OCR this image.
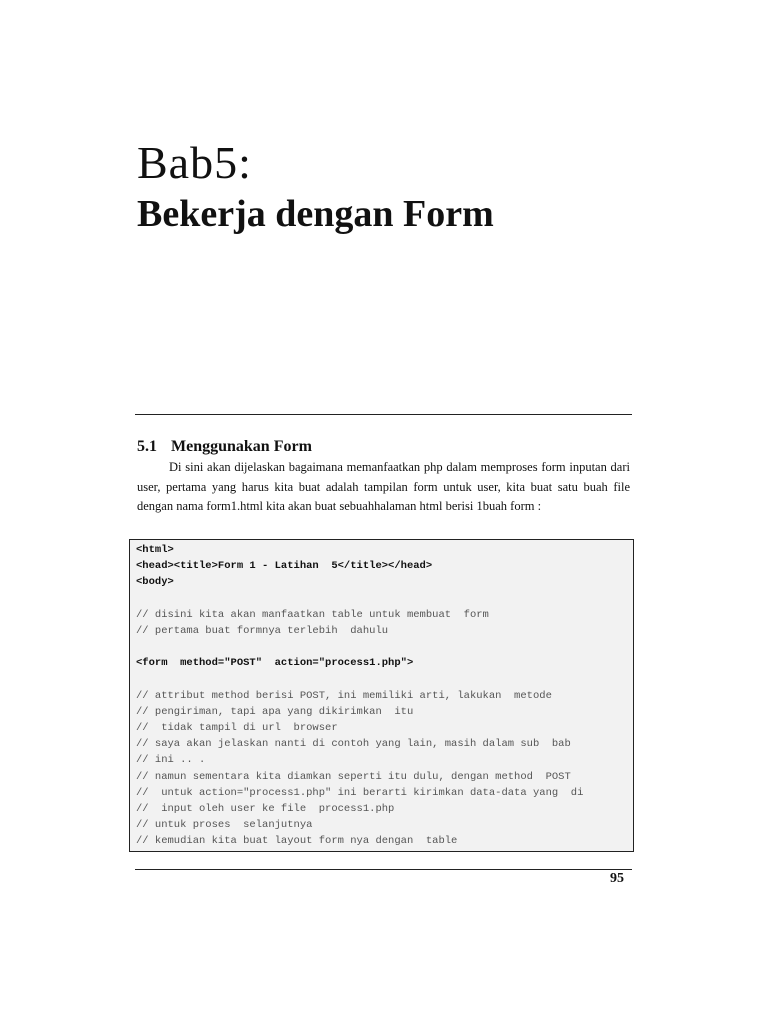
Bab5:
Bekerja dengan Form
5.1 Menggunakan Form

Di sini akan dijelaskan bagaimana memanfaatkan php dalam memproses form inputan dari user, pertama yang harus kita buat adalah tampilan form untuk user, kita buat satu buah file dengan nama form1.html kita akan buat sebuahhalaman html berisi 1buah form :

<html>
<head><title>Form 1 - Latihan  5</title></head>
<body>
// disini kita akan manfaatkan table untuk membuat  form
// pertama buat formnya terlebih  dahulu
<form  method="POST"  action="process1.php">
// attribut method berisi POST, ini memiliki arti, lakukan  metode
// pengiriman, tapi apa yang dikirimkan  itu
//  tidak tampil di url  browser
// saya akan jelaskan nanti di contoh yang lain, masih dalam sub  bab
// ini .. .
// namun sementara kita diamkan seperti itu dulu, dengan method  POST
//  untuk action="process1.php" ini berarti kirimkan data-data yang  di
//  input oleh user ke file  process1.php
// untuk proses  selanjutnya
// kemudian kita buat layout form nya dengan  table
95
